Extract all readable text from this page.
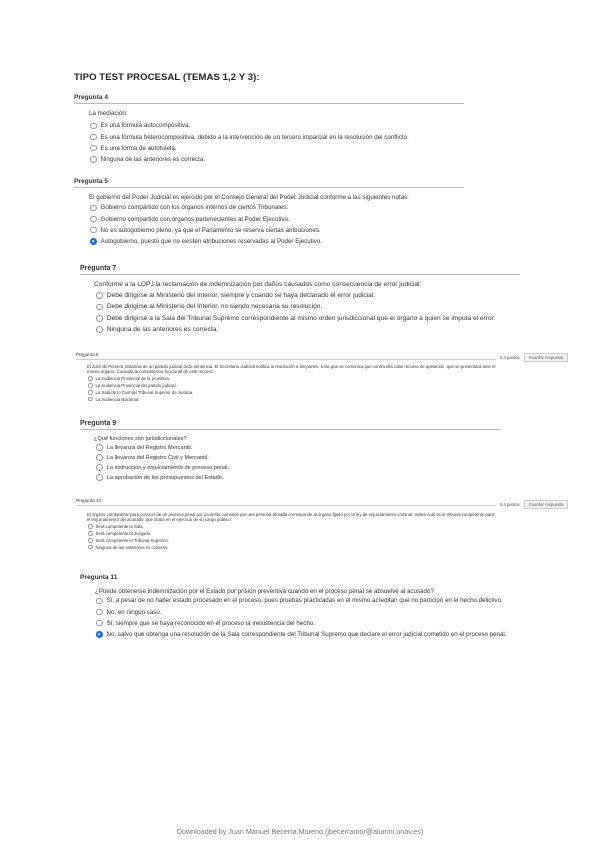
TIPO TEST PROCESAL (TEMAS 1,2 Y 3):
Pregunta 4
La mediación:
Es una fórmula autocompositiva.
Es una fórmula heterocompositiva, debido a la intervención de un tercero imparcial en la resolución del conflicto.
Es una forma de autotutela.
Ninguna de las anteriores es correcta.
Pregunta 5
El gobierno del Poder Judicial es ejercido por el Consejo General del Poder Judicial conforme a las siguientes notas:
Gobierno compartido con los órganos internos de ciertos Tribunales.
Gobierno compartido con órganos pertenecientes al Poder Ejecutivo.
No es autogobierno pleno, ya que el Parlamento se reserva ciertas atribuciones.
Autogobierno, puesto que no existen atribuciones reservadas al Poder Ejecutivo.
Pregunta 7
Conforme a la LOPJ la reclamación de indemnización por daños causados como consecuencia de error judicial:
Debe dirigirse al Ministerio del Interior, siempre y cuando se haya declarado el error judicial.
Debe dirigirse al Ministerio del Interior, no siendo necesaria su resolución.
Debe dirigirse a la Sala del Tribunal Supremo correspondiente al mismo orden jurisdiccional que el órgano a quien se imputa el error.
Ninguna de las anteriores es correcta.
Pregunta 8
El Juez de Primera Instancia de un partido judicial dicta sentencia. El Secretario Judicial notifica la resolución a las partes, a las que se comunica que contra ella cabe recurso de apelación, que se presentará ante el mismo órgano. Consulta la competencia funcional de este recurso:
La Audiencia Provincial de la provincia.
La Audiencia Provincial del partido judicial.
La Sala de lo Civil del Tribunal Superior de Justicia.
La Audiencia Nacional.
0,4 puntos	Guardar respuesta
Pregunta 9
¿Qué funciones son jurisdiccionales?
La llevanza del Registro Mercantil.
La llevanza del Registro Civil y Mercantil.
La instrucción y enjuiciamiento de proceso penal.
La aprobación de los presupuestos del Estado.
Pregunta 10
El órgano competente para conocer de un proceso penal por un delito cometido por una persona aforada corresponde al órgano fijado por la ley de enjuiciamiento criminal. Indica cuál es el tribunal competente para el enjuiciamiento del acusado, que actúa en el ejercicio de su cargo público:
Será competente la Sala.
Será competente el Juzgado.
Será competente el Tribunal Supremo.
Ninguna de las anteriores es correcta.
0,4 puntos	Guardar respuesta
Pregunta 11
¿Puede obtenerse indemnización por el Estado por prisión preventiva cuando en el proceso penal se absuelve al acusado?
Sí, a pesar de no haber estado procesado en el proceso, pues pruebas practicadas en el mismo acreditan que no participó en el hecho delictivo.
No, en ningún caso.
Sí, siempre que se haya reconocido en el proceso la inexistencia del hecho.
No, salvo que obtenga una resolución de la Sala correspondiente del Tribunal Supremo que declare el error judicial cometido en el proceso penal.
Downloaded by Juan Manuel Becerra Moreno (jbecerramor@alumni.unav.es)
